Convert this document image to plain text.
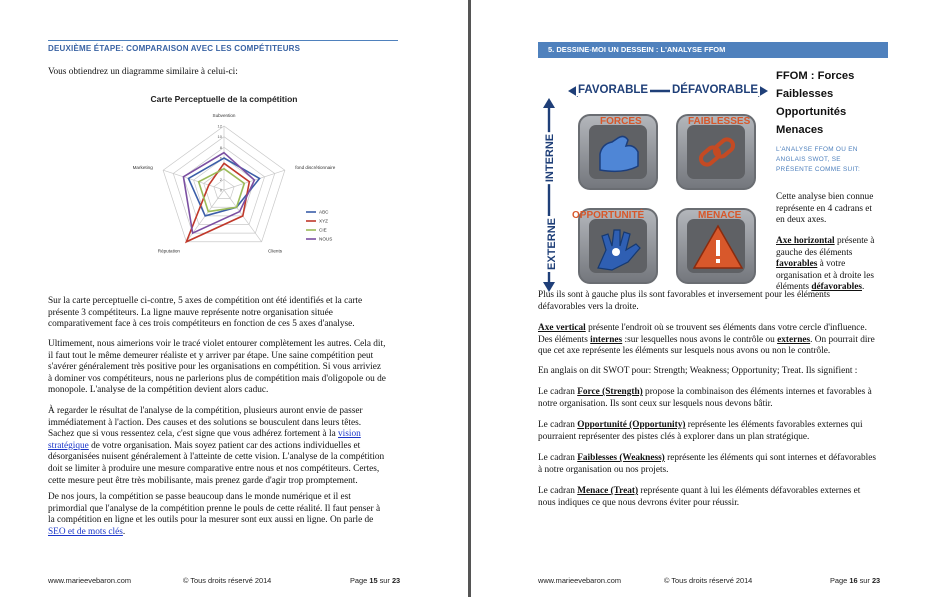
DEUXIÈME ÉTAPE: COMPARAISON AVEC LES COMPÉTITEURS

Vous obtiendrez un diagramme similaire à celui-ci:

Carte Perceptuelle de la compétition
Subvention
fond discrétionnaire
Clients
Réputation
Marketing
0
2
4
6
8
10
12
ABC
XYZ
CIE
NOUS

Sur la carte perceptuelle ci-contre, 5 axes de compétition ont été identifiés et la carte

présente 3 compétiteurs. La ligne mauve représente notre organisation située

comparativement face à ces trois compétiteurs en fonction de ces 5 axes d'analyse.

Ultimement, nous aimerions voir le tracé violet entourer complètement les autres. Cela dit,

il faut tout le même demeurer réaliste et y arriver par étape. Une saine compétition peut

s'avérer généralement très positive pour les organisations en compétition. Si vous arriviez

à dominer vos compétiteurs, nous ne parlerions plus de compétition mais d'oligopole ou de

monopole. L'analyse de la compétition devient alors caduc.

À regarder le résultat de l'analyse de la compétition, plusieurs auront envie de passer

immédiatement à l'action. Des causes et des solutions se bousculent dans leurs têtes.

Sachez que si vous ressentez cela, c'est signe que vous adhérez fortement à la vision

stratégique de votre organisation. Mais soyez patient car des actions individuelles et

désorganisées nuisent généralement à l'atteinte de cette vision. L'analyse de la compétition

doit se limiter à produire une mesure comparative entre nous et nos compétiteurs. Certes,

cette mesure peut être très mobilisante, mais prenez garde d'agir trop promptement.

De nos jours, la compétition se passe beaucoup dans le monde numérique et il est

primordial que l'analyse de la compétition prenne le pouls de cette réalité. Il faut penser à

la compétition en ligne et les outils pour la mesurer sont eux aussi en ligne. On parle de

SEO et de mots clés.

www.marieevebaron.com	© Tous droits réservé 2014	Page 15 sur 23
5. DESSINE-MOI UN DESSEIN : L'ANALYSE FFOM
FAVORABLE DÉFAVORABLE
INTERNE
EXTERNE
FORCES	FAIBLESSES
OPPORTUNITÉ	MENACE

FFOM : Forces

Faiblesses

Opportunités

Menaces

L'ANALYSE FFOM OU EN

ANGLAIS SWOT, SE

PRÉSENTE COMME SUIT:

Cette analyse bien connue

représente en 4 cadrans et

en deux axes.

Axe horizontal présente à

gauche des éléments

favorables à votre

organisation et à droite les

éléments défavorables.

Plus ils sont à gauche plus ils sont favorables et inversement pour les éléments

défavorables vers la droite.

Axe vertical présente l'endroit où se trouvent ses éléments dans votre cercle d'influence.

Des éléments internes :sur lesquelles nous avons le contrôle ou externes. On pourrait dire

que cet axe représente les éléments sur lesquels nous avons ou non le contrôle.

En anglais on dit SWOT pour: Strength; Weakness; Opportunity; Treat. Ils signifient :

Le cadran Force (Strength) propose la combinaison des éléments internes et favorables à

notre organisation. Ils sont ceux sur lesquels nous devons bâtir.

Le cadran Opportunité (Opportunity) représente les éléments favorables externes qui

pourraient représenter des pistes clés à explorer dans un plan stratégique.

Le cadran Faiblesses (Weakness) représente les éléments qui sont internes et défavorables

à notre organisation ou nos projets.

Le cadran Menace (Treat) représente quant à lui les éléments défavorables externes et

nous indiques ce que nous devrons éviter pour réussir.

www.marieevebaron.com	© Tous droits réservé 2014	Page 16 sur 23
